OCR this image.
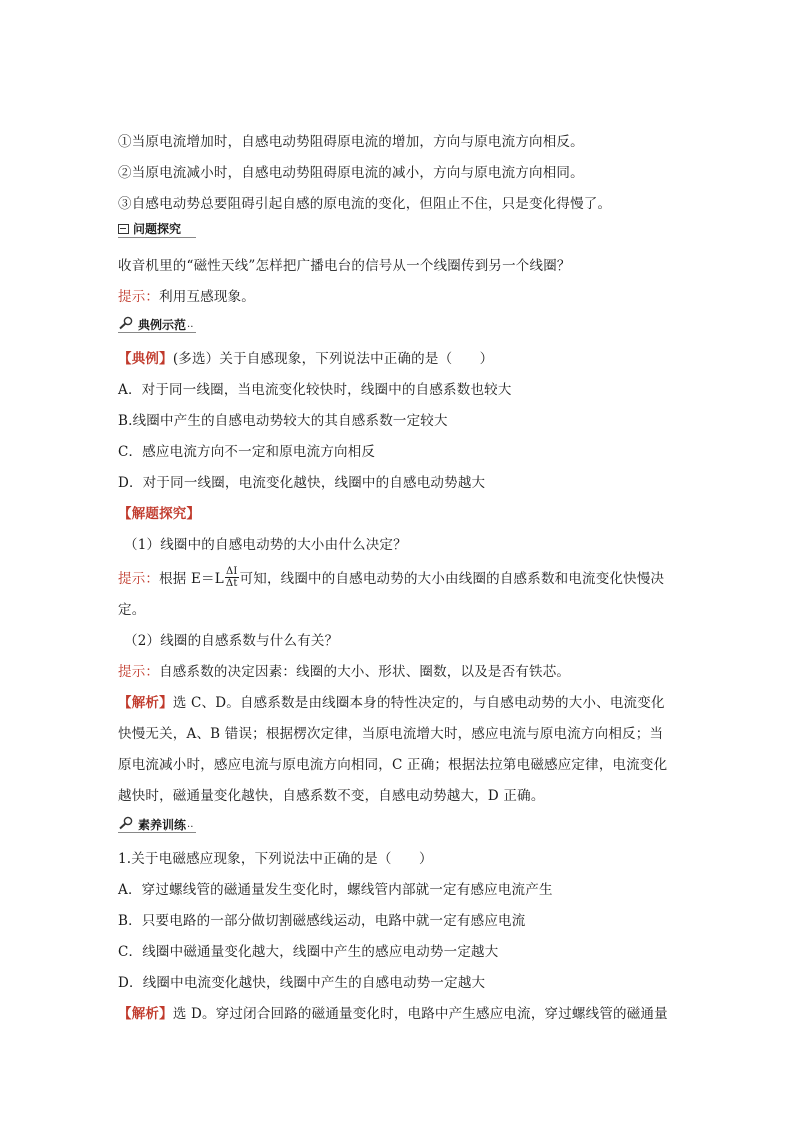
①当原电流增加时，自感电动势阻碍原电流的增加，方向与原电流方向相反。
②当原电流减小时，自感电动势阻碍原电流的减小，方向与原电流方向相同。
③自感电动势总要阻碍引起自感的原电流的变化，但阻止不住，只是变化得慢了。
问题探究
收音机里的“磁性天线”怎样把广播电台的信号从一个线圈传到另一个线圈？
提示：利用互感现象。
典例示范 ..
【典例】(多选）关于自感现象，下列说法中正确的是（　　）
A．对于同一线圈，当电流变化较快时，线圈中的自感系数也较大
B.线圈中产生的自感电动势较大的其自感系数一定较大
C．感应电流方向不一定和原电流方向相反
D．对于同一线圈，电流变化越快，线圈中的自感电动势越大
【解题探究】
（1）线圈中的自感电动势的大小由什么决定？
提示：根据 $E=L \frac{\Delta I}{\Delta t}$ 可知，线圈中的自感电动势的大小由线圈的自感系数和电流变化快慢决
定。
（2）线圈的自感系数与什么有关？
提示：自感系数的决定因素：线圈的大小、形状、圈数，以及是否有铁芯。
【解析】选 C、D。自感系数是由线圈本身的特性决定的，与自感电动势的大小、电流变化
快慢无关，A、B 错误；根据楞次定律，当原电流增大时，感应电流与原电流方向相反；当
原电流减小时，感应电流与原电流方向相同，C 正确；根据法拉第电磁感应定律，电流变化
越快时，磁通量变化越快，自感系数不变，自感电动势越大，D 正确。
素养训练 ..
1.关于电磁感应现象，下列说法中正确的是（　　）
A．穿过螺线管的磁通量发生变化时，螺线管内部就一定有感应电流产生
B．只要电路的一部分做切割磁感线运动，电路中就一定有感应电流
C．线圈中磁通量变化越大，线圈中产生的感应电动势一定越大
D．线圈中电流变化越快，线圈中产生的自感电动势一定越大
【解析】选 D。穿过闭合回路的磁通量变化时，电路中产生感应电流，穿过螺线管的磁通量
